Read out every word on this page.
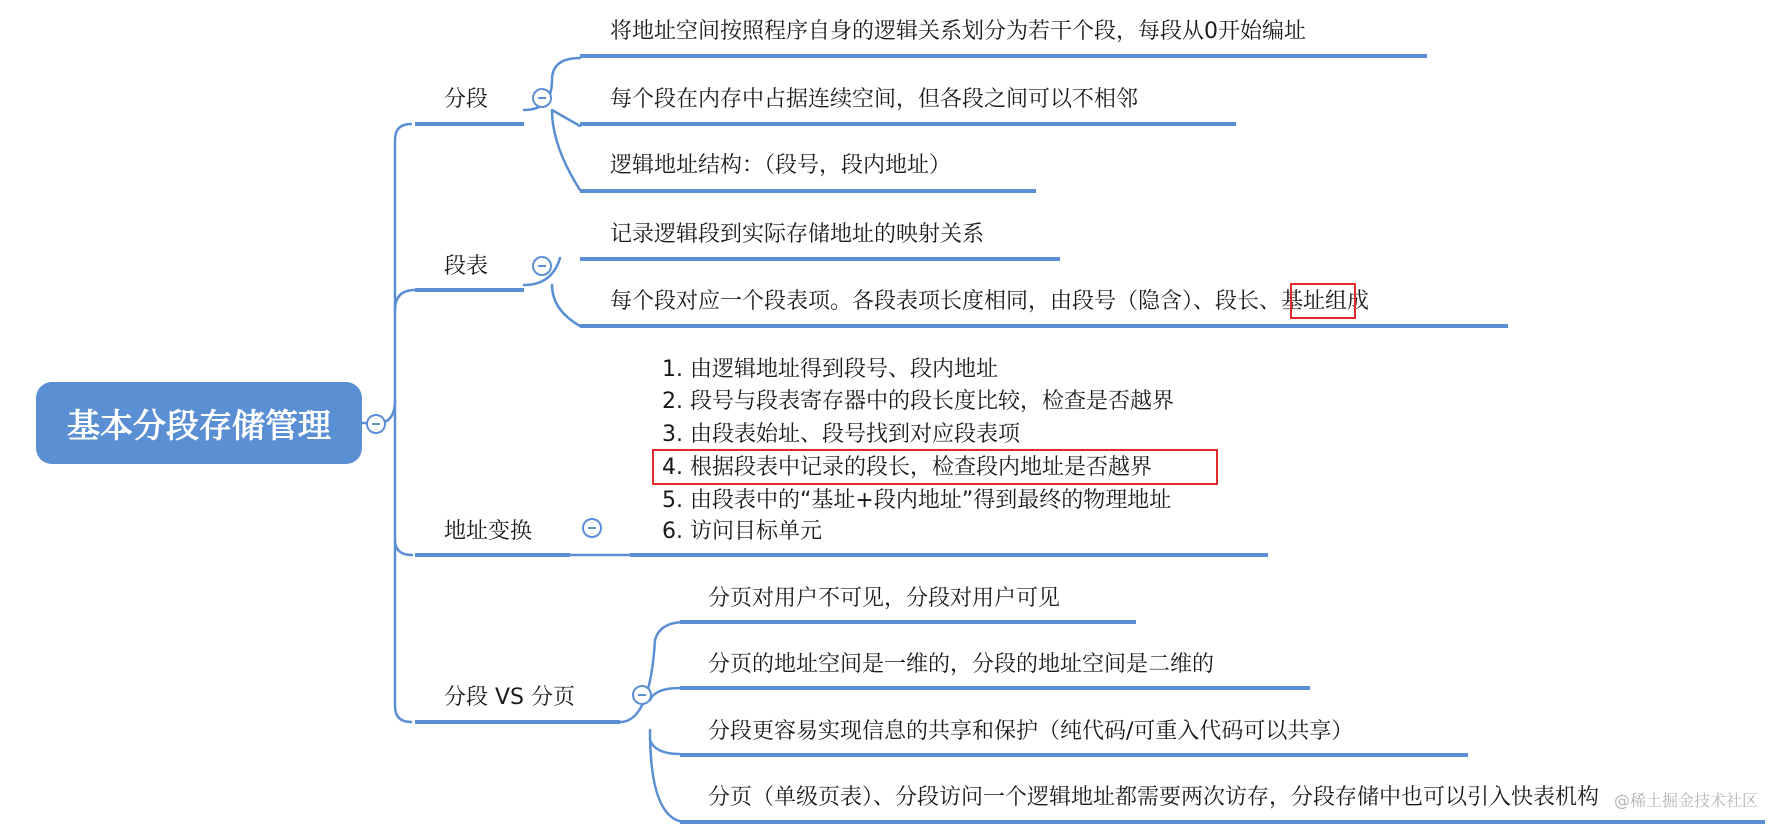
基本分段存储管理
分段
段表
地址变换
分段 VS 分页
将地址空间按照程序自身的逻辑关系划分为若干个段，每段从0开始编址
每个段在内存中占据连续空间，但各段之间可以不相邻
逻辑地址结构：（段号，段内地址）
记录逻辑段到实际存储地址的映射关系
每个段对应一个段表项。各段表项长度相同，由段号（隐含）、段长、基址组成
1. 由逻辑地址得到段号、段内地址
2. 段号与段表寄存器中的段长度比较，检查是否越界
3. 由段表始址、段号找到对应段表项
4. 根据段表中记录的段长，检查段内地址是否越界
5. 由段表中的“基址+段内地址”得到最终的物理地址
6. 访问目标单元
分页对用户不可见，分段对用户可见
分页的地址空间是一维的，分段的地址空间是二维的
分段更容易实现信息的共享和保护（纯代码/可重入代码可以共享）
分页（单级页表）、分段访问一个逻辑地址都需要两次访存，分段存储中也可以引入快表机构 @稀土掘金技术社区
